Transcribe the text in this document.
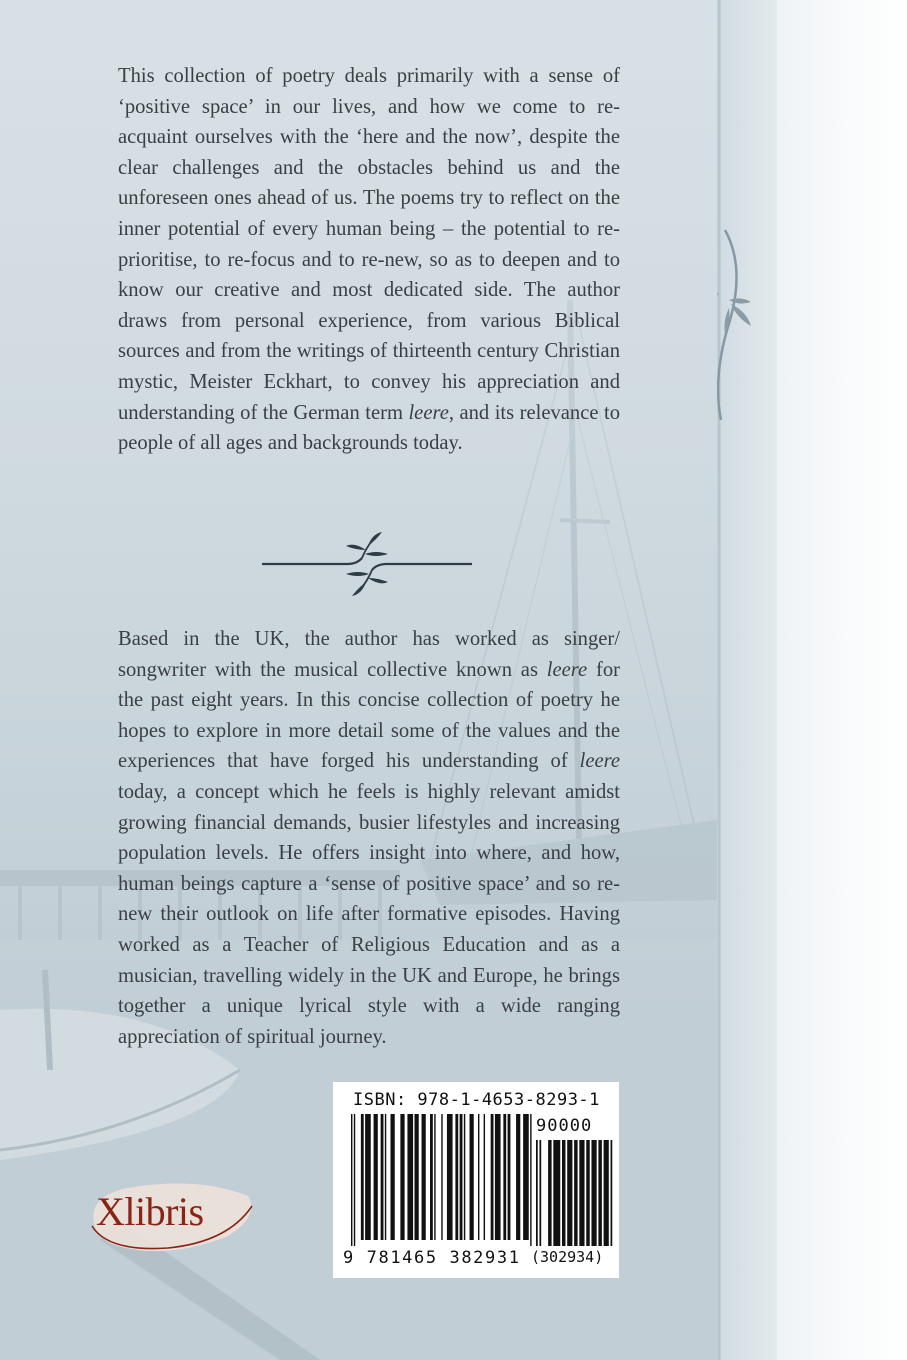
This collection of poetry deals primarily with a sense of ‘positive space’ in our lives, and how we come to re-acquaint ourselves with the ‘here and the now’, despite the clear challenges and the obstacles behind us and the unforeseen ones ahead of us. The poems try to reflect on the inner potential of every human being – the potential to re-prioritise, to re-focus and to re-new, so as to deepen and to know our creative and most dedicated side. The author draws from personal experience, from various Biblical sources and from the writings of thirteenth century Christian mystic, Meister Eckhart, to convey his appreciation and understanding of the German term leere, and its relevance to people of all ages and backgrounds today.

Based in the UK, the author has worked as singer/ songwriter with the musical collective known as leere for the past eight years. In this concise collection of poetry he hopes to explore in more detail some of the values and the experiences that have forged his understanding of leere today, a concept which he feels is highly relevant amidst growing financial demands, busier lifestyles and increasing population levels. He offers insight into where, and how, human beings capture a ‘sense of positive space’ and so re-new their outlook on life after formative episodes. Having worked as a Teacher of Religious Education and as a musician, travelling widely in the UK and Europe, he brings together a unique lyrical style with a wide ranging appreciation of spiritual journey.

ISBN: 978-1-4653-8293-1
90000
9 781465 382931 (302934)
Xlibris
